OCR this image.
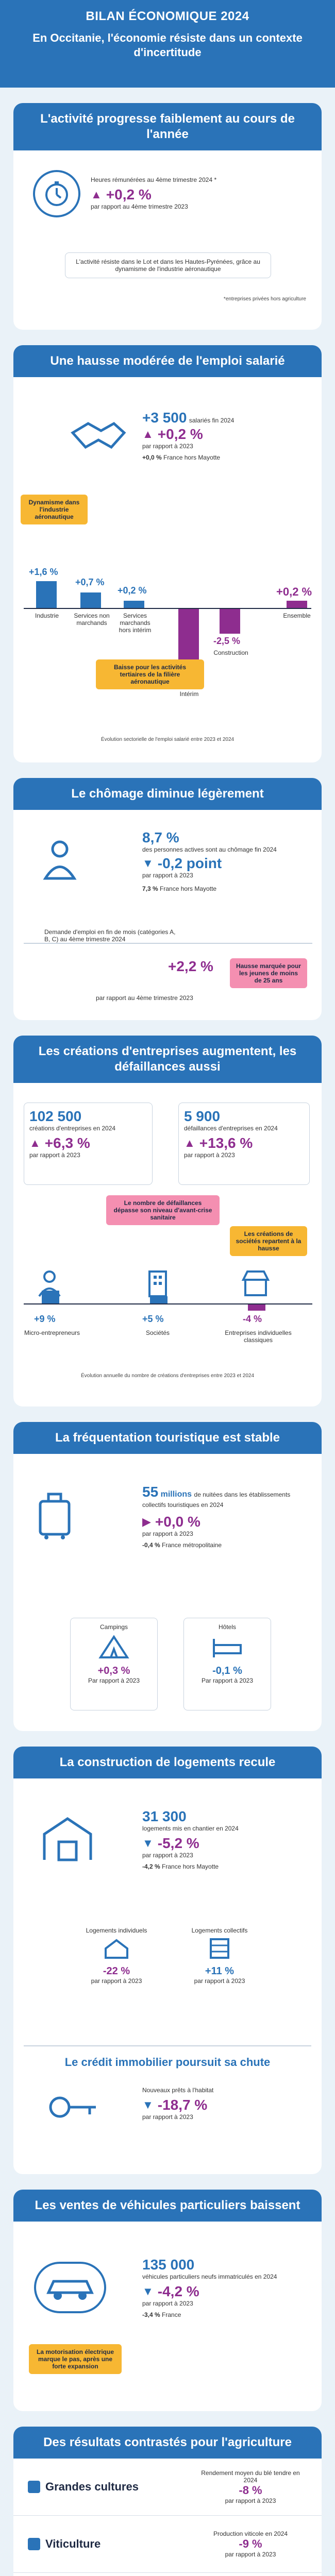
BILAN ÉCONOMIQUE 2024
En Occitanie, l'économie résiste dans un contexte d'incertitude
L'activité progresse faiblement au cours de l'année
Heures rémunérées au 4ème trimestre 2024 *
▲ +0,2 %
par rapport au 4ème trimestre 2023
L'activité résiste dans le Lot et dans les Hautes-Pyrénées, grâce au dynamisme de l'industrie aéronautique
*entreprises privées hors agriculture
Une hausse modérée de l'emploi salarié
+3 500 salariés fin 2024
▲ +0,2 %
par rapport à 2023
+0,0 % France hors Mayotte
Dynamisme dans l'industrie aéronautique
+1,6 %
Industrie
+0,7 %
Services non marchands
+0,2 %
Services marchands hors intérim
Intérim
-2,5 %
Construction
+0,2 %
Ensemble
Baisse pour les activités tertiaires de la filière aéronautique
Évolution sectorielle de l'emploi salarié entre 2023 et 2024
Le chômage diminue légèrement
8,7 %
des personnes actives sont au chômage fin 2024
▼ -0,2 point
par rapport à 2023
7,3 % France hors Mayotte
Demande d'emploi en fin de mois (catégories A, B, C) au 4ème trimestre 2024
+2,2 %	Hausse marquée pour les jeunes de moins de 25 ans
par rapport au 4ème trimestre 2023
Les créations d'entreprises augmentent, les défaillances aussi
102 500
créations d'entreprises en 2024
▲ +6,3 %
par rapport à 2023
5 900
défaillances d'entreprises en 2024
▲ +13,6 %
par rapport à 2023
Le nombre de défaillances dépasse son niveau d'avant-crise sanitaire
Les créations de sociétés repartent à la hausse
+9 %
Micro-entrepreneurs
+5 %
Sociétés
-4 %
Entreprises individuelles classiques
Évolution annuelle du nombre de créations d'entreprises entre 2023 et 2024
La fréquentation touristique est stable
55 millions de nuitées dans les établissements collectifs touristiques en 2024
▶ +0,0 %
par rapport à 2023
-0,4 % France métropolitaine
Campings
+0,3 %
Par rapport à 2023
Hôtels
-0,1 %
Par rapport à 2023
La construction de logements recule
31 300
logements mis en chantier en 2024
▼ -5,2 %
par rapport à 2023
-4,2 % France hors Mayotte
Logements individuels
-22 %
par rapport à 2023
Logements collectifs
+11 %
par rapport à 2023
Le crédit immobilier poursuit sa chute
Nouveaux prêts à l'habitat
▼ -18,7 %
par rapport à 2023
Les ventes de véhicules particuliers baissent
135 000
véhicules particuliers neufs immatriculés en 2024
▼ -4,2 %
par rapport à 2023
-3,4 % France
La motorisation électrique marque le pas, après une forte expansion
Des résultats contrastés pour l'agriculture
Grandes cultures
Rendement moyen du blé tendre en 2024
-8 %
par rapport à 2023
Viticulture
Production viticole en 2024
-9 %
par rapport à 2023
